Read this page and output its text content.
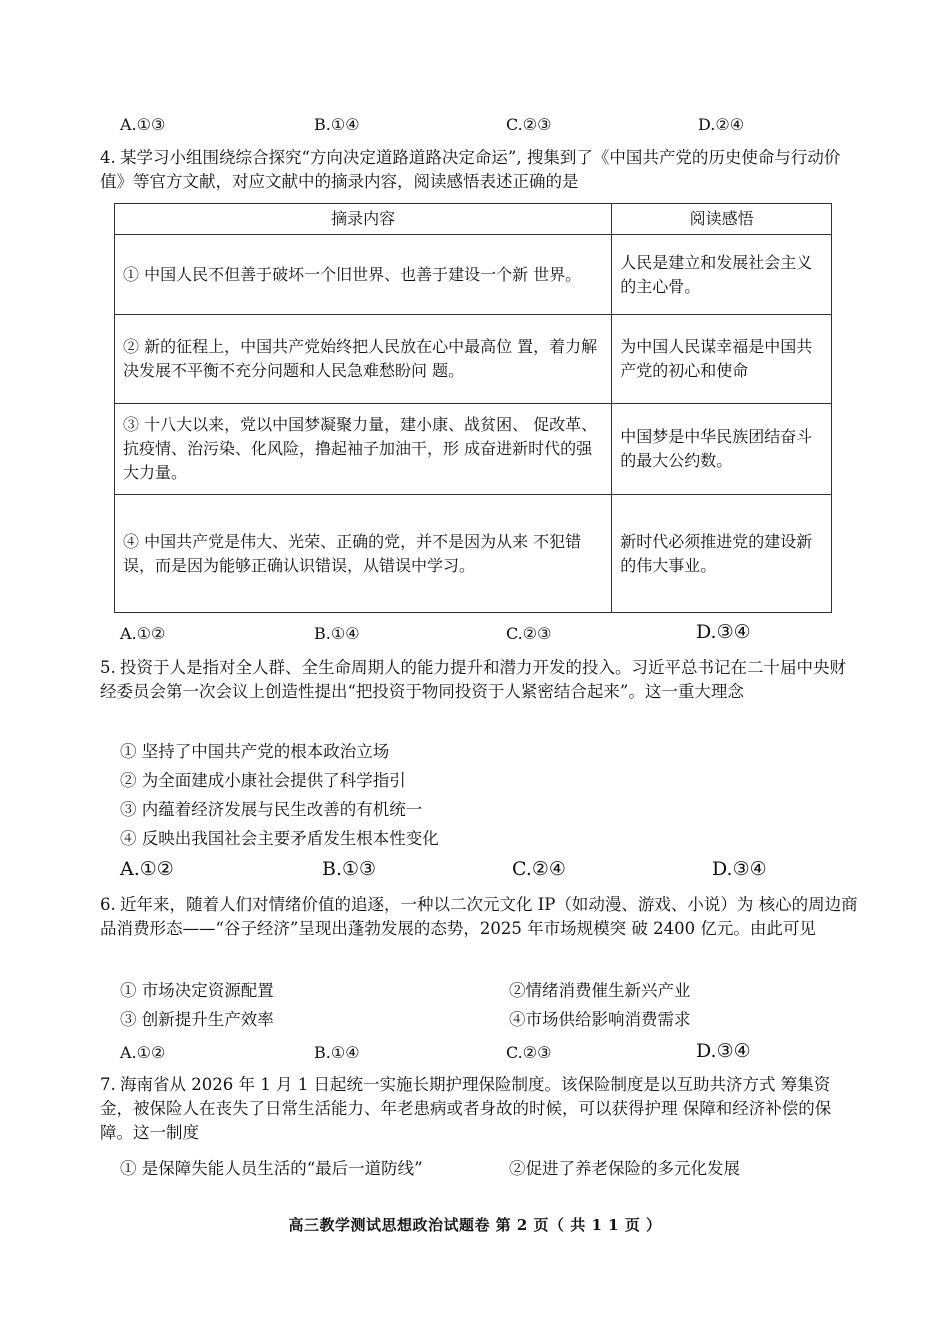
A.①③	B.①④	C.②③	D.②④
4. 某学习小组围绕综合探究“方向决定道路道路决定命运”, 搜集到了《中国共产党的历史使命与行动价值》等官方文献，对应文献中的摘录内容，阅读感悟表述正确的是
摘录内容	阅读感悟
① 中国人民不但善于破坏一个旧世界、也善于建设一个新 世界。	人民是建立和发展社会主义的主心骨。
② 新的征程上，中国共产党始终把人民放在心中最高位 置，着力解决发展不平衡不充分问题和人民急难愁盼问 题。	为中国人民谋幸福是中国共产党的初心和使命
③ 十八大以来，党以中国梦凝聚力量，建小康、战贫困、 促改革、抗疫情、治污染、化风险，撸起袖子加油干，形 成奋进新时代的强大力量。	中国梦是中华民族团结奋斗的最大公约数。
④ 中国共产党是伟大、光荣、正确的党，并不是因为从来 不犯错误，而是因为能够正确认识错误，从错误中学习。	新时代必须推进党的建设新的伟大事业。
A.①②	B.①④	C.②③	D.③④
5. 投资于人是指对全人群、全生命周期人的能力提升和潜力开发的投入。习近平总书记在二十届中央财经委员会第一次会议上创造性提出“把投资于物同投资于人紧密结合起来”。这一重大理念
① 坚持了中国共产党的根本政治立场
② 为全面建成小康社会提供了科学指引
③ 内蕴着经济发展与民生改善的有机统一
④ 反映出我国社会主要矛盾发生根本性变化
A.①②	B.①③	C.②④	D.③④
6. 近年来，随着人们对情绪价值的追逐，一种以二次元文化 IP（如动漫、游戏、小说）为 核心的周边商品消费形态——“谷子经济”呈现出蓬勃发展的态势，2025 年市场规模突 破 2400 亿元。由此可见
① 市场决定资源配置	②情绪消费催生新兴产业
③ 创新提升生产效率	④市场供给影响消费需求
A.①②	B.①④	C.②③	D.③④
7. 海南省从 2026 年 1 月 1 日起统一实施长期护理保险制度。该保险制度是以互助共济方式 筹集资金，被保险人在丧失了日常生活能力、年老患病或者身故的时候，可以获得护理 保障和经济补偿的保障。这一制度
① 是保障失能人员生活的“最后一道防线”	②促进了养老保险的多元化发展
高三教学测试思想政治试题卷 第 2 页（ 共 1 1 页 ）
